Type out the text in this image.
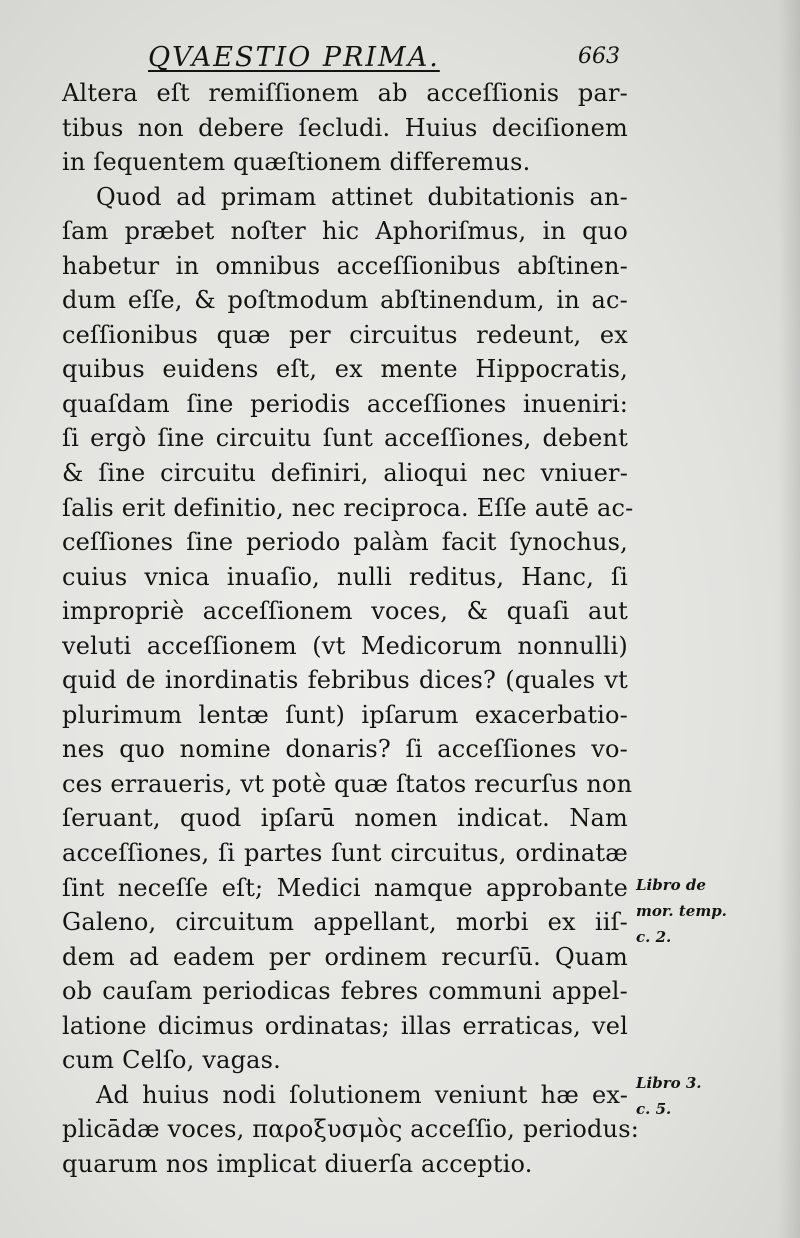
QVAESTIO PRIMA.	663
Altera eſt remiſſionem ab acceſſionis par-
tibus non debere ſecludi. Huius deciſionem
in ſequentem quæſtionem differemus.
Quod ad primam attinet dubitationis an-
ſam præbet noſter hic Aphoriſmus, in quo
habetur in omnibus acceſſionibus abſtinen-
dum eſſe, & poſtmodum abſtinendum, in ac-
ceſſionibus quæ per circuitus redeunt, ex
quibus euidens eſt, ex mente Hippocratis,
quaſdam ſine periodis acceſſiones inueniri:
ſi ergò ſine circuitu ſunt acceſſiones, debent
& ſine circuitu definiri, alioqui nec vniuer-
ſalis erit definitio, nec reciproca. Eſſe autē ac-
ceſſiones ſine periodo palàm facit ſynochus,
cuius vnica inuaſio, nulli reditus, Hanc, ſi
impropriè acceſſionem voces, & quaſi aut
veluti acceſſionem (vt Medicorum nonnulli)
quid de inordinatis febribus dices? (quales vt
plurimum lentæ ſunt) ipſarum exacerbatio-
nes quo nomine donaris? ſi acceſſiones vo-
ces erraueris, vt potè quæ ſtatos recurſus non
ſeruant, quod ipſarū nomen indicat. Nam
acceſſiones, ſi partes ſunt circuitus, ordinatæ
ſint neceſſe eſt; Medici namque approbante
Galeno, circuitum appellant, morbi ex iiſ-
dem ad eadem per ordinem recurſū. Quam
ob cauſam periodicas febres communi appel-
latione dicimus ordinatas; illas erraticas, vel
cum Celſo, vagas.
Ad huius nodi ſolutionem veniunt hæ ex-
plicādæ voces, παροξυσμὸς acceſſio, periodus:
quarum nos implicat diuerſa acceptio.
Libro de
mor. temp.
c. 2.
Libro 3.
c. 5.
